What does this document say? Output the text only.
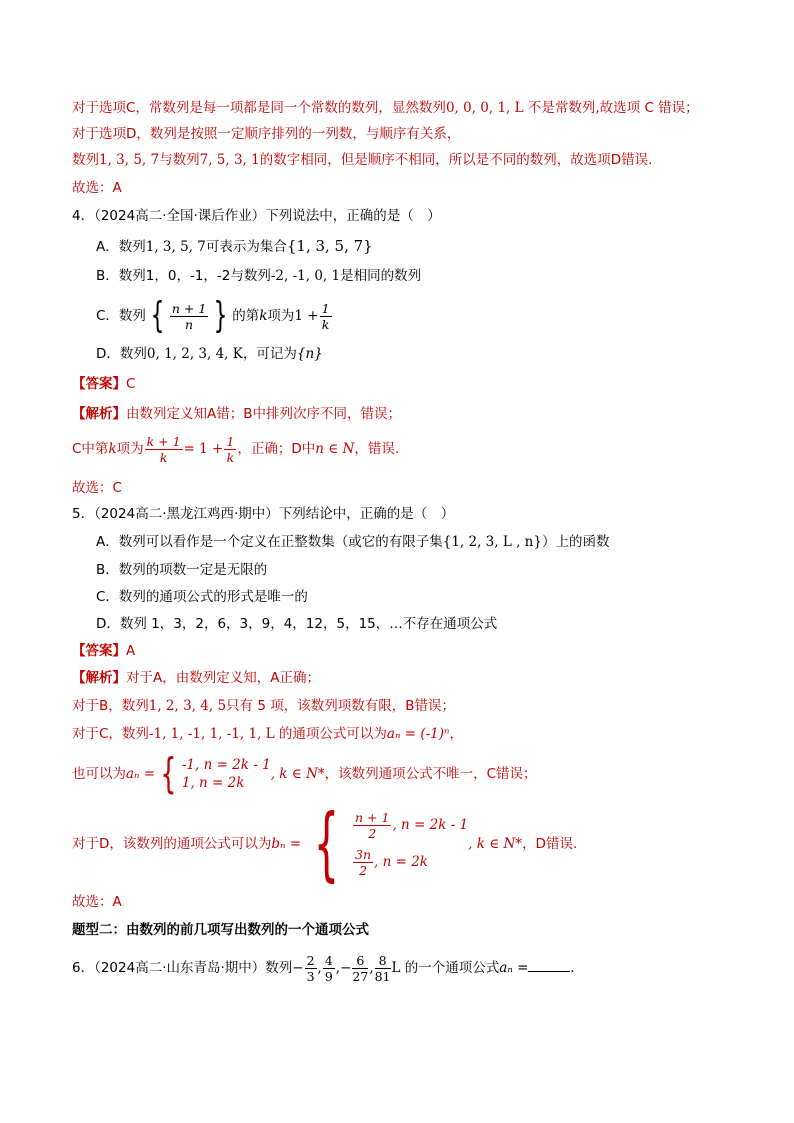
对于选项C，常数列是每一项都是同一个常数的数列，显然数列0, 0, 0, 1, L 不是常数列,故选项 C 错误；
对于选项D，数列是按照一定顺序排列的一列数，与顺序有关系，
数列1, 3, 5, 7与数列7, 5, 3, 1的数字相同，但是顺序不相同，所以是不同的数列，故选项D错误.
故选：A
4．（2024高二·全国·课后作业）下列说法中，正确的是（　）
A．数列1, 3, 5, 7可表示为集合{1, 3, 5, 7}
B．数列1，0，-1，-2与数列-2, -1, 0, 1是相同的数列
C．数列 { $\frac{n + 1}{n}$ } 的第k项为$1 + \frac{1}{k}$
D．数列0, 1, 2, 3, 4, K，可记为{n}
【答案】C
【解析】由数列定义知A错；B中排列次序不同，错误；
C中第k项为 $\frac{k + 1}{k} = 1 + \frac{1}{k}$ ，正确；D中n ∈ N，错误.
故选：C
5．（2024高二·黑龙江鸡西·期中）下列结论中，正确的是（　）
A．数列可以看作是一个定义在正整数集（或它的有限子集{1, 2, 3, L , n}）上的函数
B．数列的项数一定是无限的
C．数列的通项公式的形式是唯一的
D．数列 1，3，2，6，3，9，4，12，5，15，…不存在通项公式
【答案】A
【解析】对于A，由数列定义知，A正确；
对于B，数列1, 2, 3, 4, 5只有 5 项，该数列项数有限，B错误；
对于C，数列-1, 1, -1, 1, -1, 1, L 的通项公式可以为aₙ = (-1)ⁿ，
也可以为aₙ = { -1, n = 2k - 1
1, n = 2k
, k ∈ N*，该数列通项公式不唯一，C错误；
对于D，该数列的通项公式可以为bₙ = { $\frac{n + 1}{2}$ , n = 2k - 1
$\frac{3n}{2}$ , n = 2k
, k ∈ N*，D错误.
故选：A
题型二：由数列的前几项写出数列的一个通项公式
6．（2024高二·山东青岛·期中）数列− $\frac{2}{3}$ , $\frac{4}{9}$ ,− $\frac{6}{27}$ , $\frac{8}{81}$ L 的一个通项公式aₙ =	．
